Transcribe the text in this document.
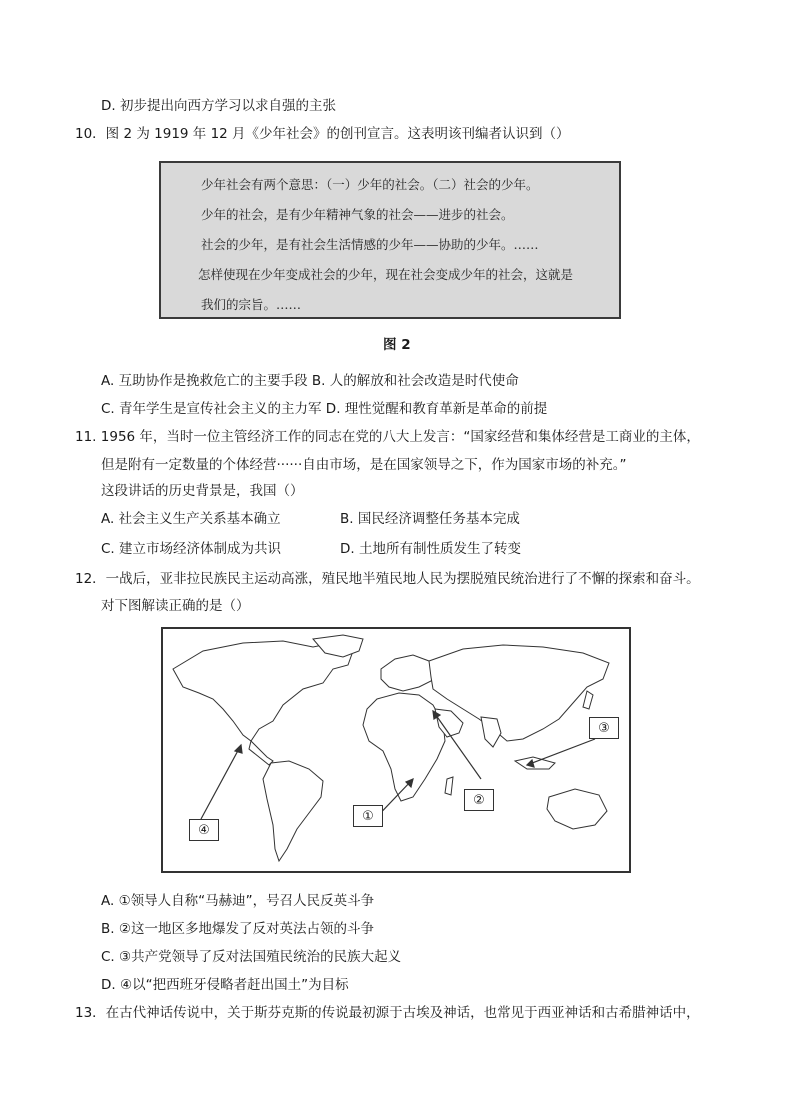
D. 初步提出向西方学习以求自强的主张
10．图 2 为 1919 年 12 月《少年社会》的创刊宣言。这表明该刊编者认识到（）
少年社会有两个意思：（一）少年的社会。（二）社会的少年。
少年的社会，是有少年精神气象的社会——进步的社会。
社会的少年，是有社会生活情感的少年——协助的少年。……
　　怎样使现在少年变成社会的少年，现在社会变成少年的社会，这就是
我们的宗旨。……
图 2
A. 互助协作是挽救危亡的主要手段 B. 人的解放和社会改造是时代使命
C. 青年学生是宣传社会主义的主力军 D. 理性觉醒和教育革新是革命的前提
11. 1956 年，当时一位主管经济工作的同志在党的八大上发言：“国家经营和集体经营是工商业的主体，
但是附有一定数量的个体经营······自由市场，是在国家领导之下，作为国家市场的补充。”
这段讲话的历史背景是，我国（）
A. 社会主义生产关系基本确立	B. 国民经济调整任务基本完成
C. 建立市场经济体制成为共识	D. 土地所有制性质发生了转变
12．一战后，亚非拉民族民主运动高涨，殖民地半殖民地人民为摆脱殖民统治进行了不懈的探索和奋斗。
对下图解读正确的是（）
①
②
③
④
A. ①领导人自称“马赫迪”，号召人民反英斗争
B. ②这一地区多地爆发了反对英法占领的斗争
C. ③共产党领导了反对法国殖民统治的民族大起义
D. ④以“把西班牙侵略者赶出国土”为目标
13．在古代神话传说中，关于斯芬克斯的传说最初源于古埃及神话，也常见于西亚神话和古希腊神话中，
